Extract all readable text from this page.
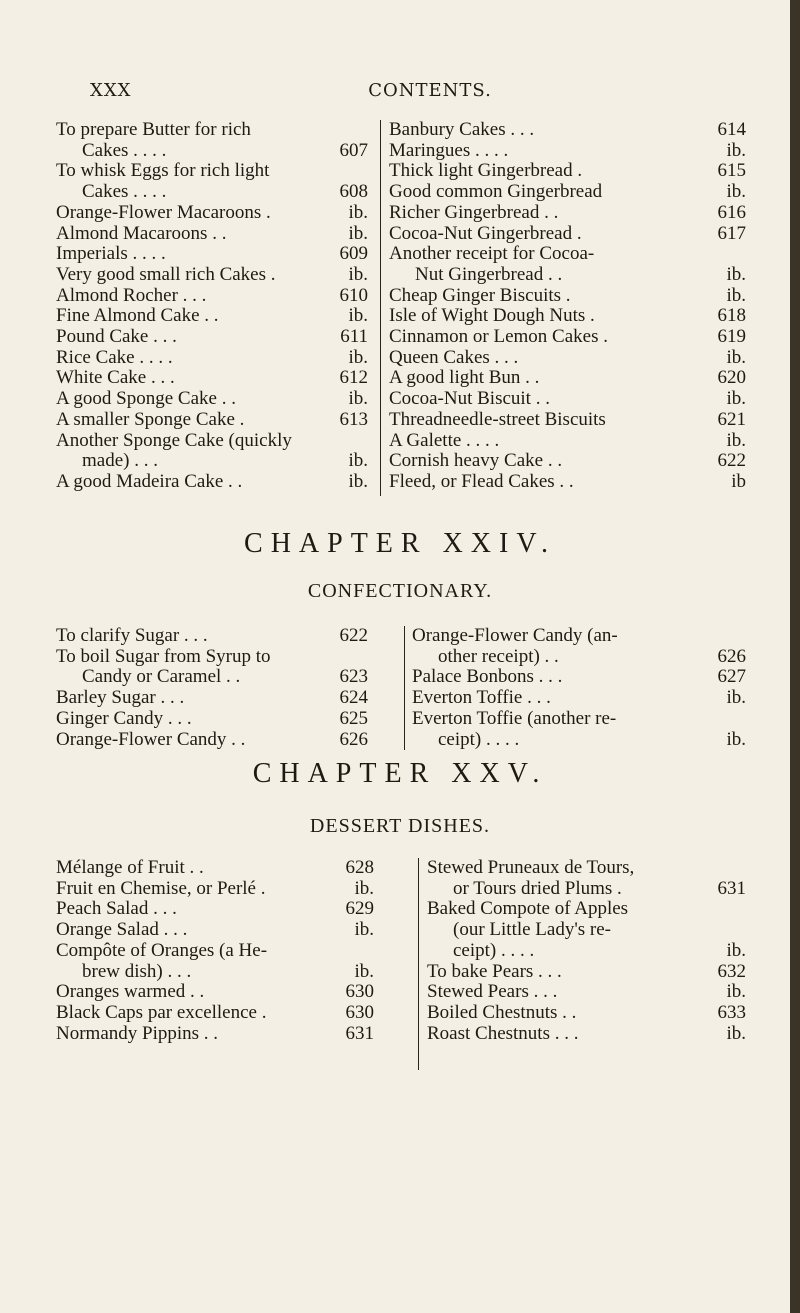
XXX	CONTENTS.
To prepare Butter for rich
Cakes . . . .	607
To whisk Eggs for rich light
Cakes . . . .	608
Orange-Flower Macaroons .	ib.
Almond Macaroons . .	ib.
Imperials . . . .	609
Very good small rich Cakes .	ib.
Almond Rocher . . .	610
Fine Almond Cake . .	ib.
Pound Cake . . .	611
Rice Cake . . . .	ib.
White Cake . . .	612
A good Sponge Cake . .	ib.
A smaller Sponge Cake .	613
Another Sponge Cake (quickly
made) . . .	ib.
A good Madeira Cake . .	ib.
Banbury Cakes . . .	614
Maringues . . . .	ib.
Thick light Gingerbread .	615
Good common Gingerbread	ib.
Richer Gingerbread . .	616
Cocoa-Nut Gingerbread .	617
Another receipt for Cocoa-
Nut Gingerbread . .	ib.
Cheap Ginger Biscuits .	ib.
Isle of Wight Dough Nuts .	618
Cinnamon or Lemon Cakes .	619
Queen Cakes . . .	ib.
A good light Bun . .	620
Cocoa-Nut Biscuit . .	ib.
Threadneedle-street Biscuits	621
A Galette . . . .	ib.
Cornish heavy Cake . .	622
Fleed, or Flead Cakes . .	ib
CHAPTER XXIV.
CONFECTIONARY.
To clarify Sugar . . .	622
To boil Sugar from Syrup to
Candy or Caramel . .	623
Barley Sugar . . .	624
Ginger Candy . . .	625
Orange-Flower Candy . .	626
Orange-Flower Candy (an-
other receipt) . .	626
Palace Bonbons . . .	627
Everton Toffie . . .	ib.
Everton Toffie (another re-
ceipt) . . . .	ib.
CHAPTER XXV.
DESSERT DISHES.
Mélange of Fruit . .	628
Fruit en Chemise, or Perlé .	ib.
Peach Salad . . .	629
Orange Salad . . .	ib.
Compôte of Oranges (a He-
brew dish) . . .	ib.
Oranges warmed . .	630
Black Caps par excellence .	630
Normandy Pippins . .	631
Stewed Pruneaux de Tours,
or Tours dried Plums .	631
Baked Compote of Apples
(our Little Lady's re-
ceipt) . . . .	ib.
To bake Pears . . .	632
Stewed Pears . . .	ib.
Boiled Chestnuts . .	633
Roast Chestnuts . . .	ib.
